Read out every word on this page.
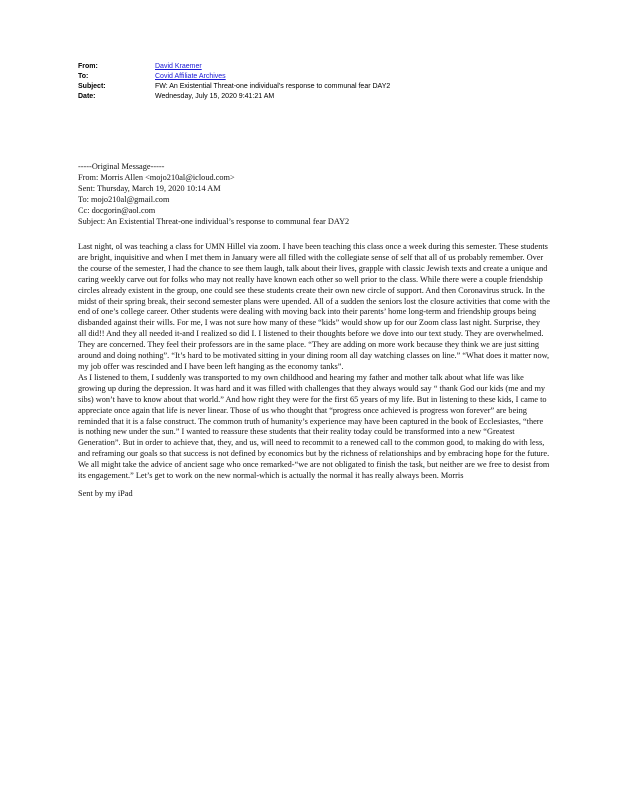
From:	David Kraemer
To:	Covid Affiliate Archives
Subject:	FW: An Existential Threat-one individual’s response to communal fear DAY2
Date:	Wednesday, July 15, 2020 9:41:21 AM
-----Original Message-----
From: Morris Allen <mojo210al@icloud.com>
Sent: Thursday, March 19, 2020 10:14 AM
To: mojo210al@gmail.com
Cc: docgorin@aol.com
Subject: An Existential Threat-one individual’s response to communal fear DAY2

Last night, oI was teaching a class for UMN Hillel via zoom. I have been teaching this class once a week during this semester. These students are bright, inquisitive and when I met them in January were all filled with the collegiate sense of self that all of us probably remember. Over the course of the semester, I had the chance to see them laugh, talk about their lives, grapple with classic Jewish texts and create a unique and caring weekly carve out for folks who may not really have known each other so well prior to the class. While there were a couple friendship circles already existent in the group, one could see these students create their own new circle of support. And then Coronavirus struck. In the midst of their spring break, their second semester plans were upended. All of a sudden the seniors lost the closure activities that come with the end of one’s college career. Other students were dealing with moving back into their parents’ home long-term and friendship groups being disbanded against their wills. For me, I was not sure how many of these “kids” would show up for our Zoom class last night. Surprise, they all did!! And they all needed it-and I realized so did I. I listened to their thoughts before we dove into our text study. They are overwhelmed. They are concerned. They feel their professors are in the same place. “They are adding on more work because they think we are just sitting around and doing nothing”. “It’s hard to be motivated sitting in your dining room all day watching classes on line.” “What does it matter now, my job offer was rescinded and I have been left hanging as the economy tanks”.

As I listened to them, I suddenly was transported to my own childhood and hearing my father and mother talk about what life was like growing up during the depression. It was hard and it was filled with challenges that they always would say “ thank God our kids (me and my sibs) won’t have to know about that world.” And how right they were for the first 65 years of my life. But in listening to these kids, I came to appreciate once again that life is never linear. Those of us who thought that “progress once achieved is progress won forever” are being reminded that it is a false construct. The common truth of humanity’s experience may have been captured in the book of Ecclesiastes, “there is nothing new under the sun.” I wanted to reassure these students that their reality today could be transformed into a new “Greatest Generation”. But in order to achieve that, they, and us, will need to recommit to a renewed call to the common good, to making do with less, and reframing our goals so that success is not defined by economics but by the richness of relationships and by embracing hope for the future. We all might take the advice of ancient sage who once remarked-“we are not obligated to finish the task, but neither are we free to desist from its engagement.” Let’s get to work on the new normal-which is actually the normal it has really always been. Morris

Sent by my iPad
